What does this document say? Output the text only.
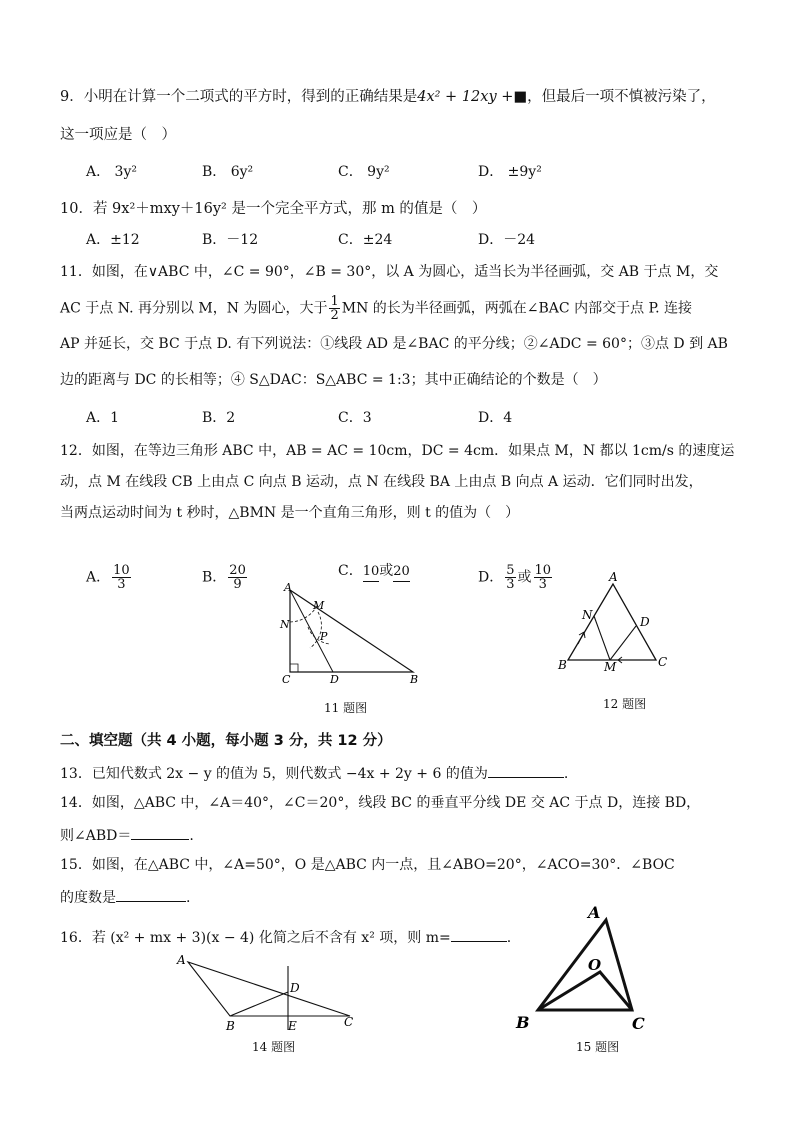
9．小明在计算一个二项式的平方时，得到的正确结果是4x² + 12xy +■，但最后一项不慎被污染了，
这一项应是（　）
A． 3y²	B． 6y²	C． 9y²	D． ±9y²
10．若 9x²＋mxy＋16y² 是一个完全平方式，那 m 的值是（　）
A．±12	B．－12	C．±24	D．－24
11．如图，在∨ABC 中，∠C = 90°，∠B = 30°，以 A 为圆心，适当长为半径画弧，交 AB 于点 M，交
AC 于点 N. 再分别以 M，N 为圆心，大于 $\frac{1}{2}$ MN 的长为半径画弧，两弧在∠BAC 内部交于点 P. 连接
AP 并延长，交 BC 于点 D. 有下列说法：①线段 AD 是∠BAC 的平分线；②∠ADC = 60°；③点 D 到 AB
边的距离与 DC 的长相等；④ S△DAC：S△ABC = 1:3；其中正确结论的个数是（　）
A．1	B．2	C．3	D．4
12．如图，在等边三角形 ABC 中，AB = AC = 10cm，DC = 4cm．如果点 M，N 都以 1cm/s 的速度运
动，点 M 在线段 CB 上由点 C 向点 B 运动，点 N 在线段 BA 上由点 B 向点 A 运动．它们同时出发，
当两点运动时间为 t 秒时，△BMN 是一个直角三角形，则 t 的值为（　）
A． $\frac{10}{3}$	B． $\frac{20}{9}$	C．10或20	D． $\frac{5}{3}$ 或 $\frac{10}{3}$
A
M
N
P
C	D	B
11 题图
A
N	D
B	M	C
12 题图
二、填空题（共 4 小题，每小题 3 分，共 12 分）
13．已知代数式 2x − y 的值为 5，则代数式 −4x + 2y + 6 的值为	.
14．如图，△ABC 中，∠A＝40°，∠C＝20°，线段 BC 的垂直平分线 DE 交 AC 于点 D，连接 BD，
则∠ABD＝	.
15．如图，在△ABC 中，∠A=50°，O 是△ABC 内一点，且∠ABO=20°，∠ACO=30°．∠BOC
的度数是	.
16．若 (x² + mx + 3)(x − 4) 化简之后不含有 x² 项，则 m=	.
A
D
B	E	C
14 题图
A
O
B	C
15 题图
